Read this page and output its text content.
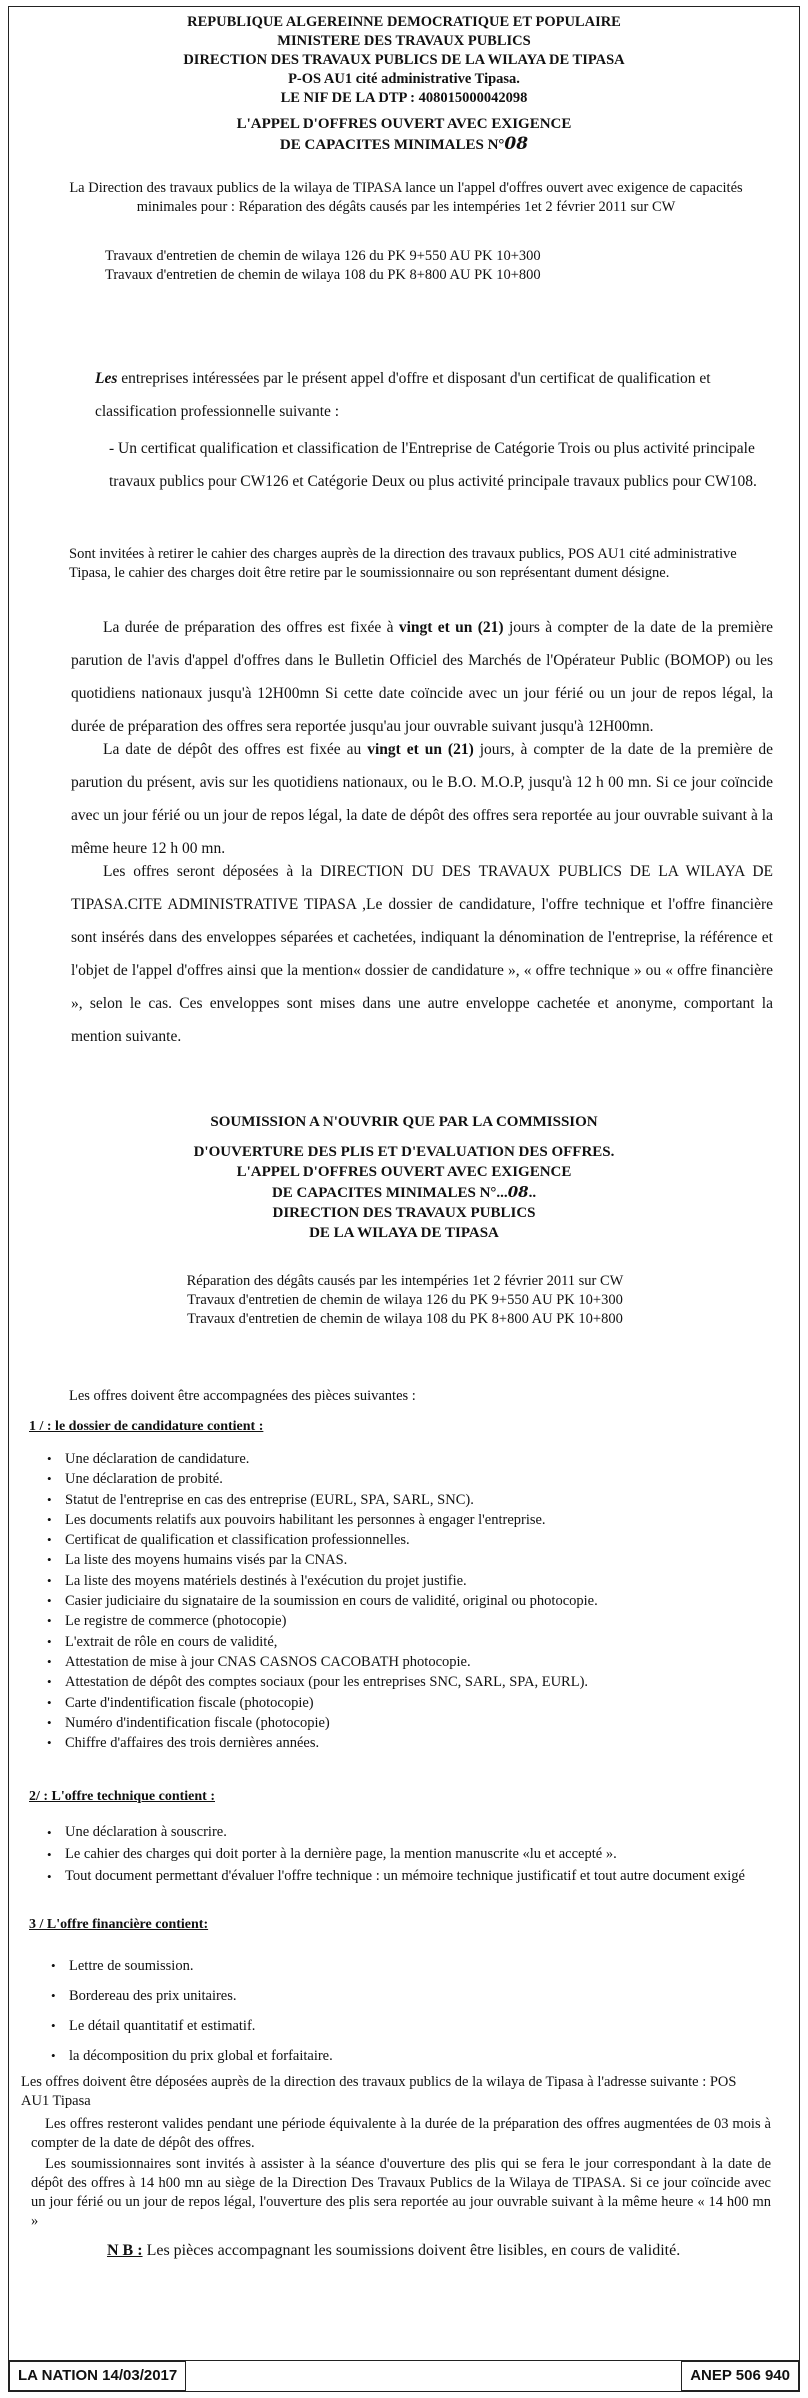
REPUBLIQUE ALGEREINNE DEMOCRATIQUE ET POPULAIRE
MINISTERE DES TRAVAUX PUBLICS
DIRECTION DES TRAVAUX PUBLICS DE LA WILAYA DE TIPASA
P-OS AU1 cité administrative Tipasa.
LE NIF DE LA DTP : 408015000042098
L'APPEL D'OFFRES OUVERT AVEC EXIGENCE
DE CAPACITES MINIMALES N°08

La Direction des travaux publics de la wilaya de TIPASA lance un l'appel d'offres ouvert avec exigence de capacités minimales pour : Réparation des dégâts causés par les intempéries 1et 2 février 2011 sur CW

Travaux d'entretien de chemin de wilaya 126 du PK 9+550 AU PK 10+300
Travaux d'entretien de chemin de wilaya 108 du PK 8+800 AU PK 10+800

Les entreprises intéressées par le présent appel d'offre et disposant d'un certificat de qualification et classification professionnelle suivante :

- Un certificat qualification et classification de l'Entreprise de Catégorie Trois ou plus activité principale travaux publics pour CW126 et Catégorie Deux ou plus activité principale travaux publics pour CW108.

Sont invitées à retirer le cahier des charges auprès de la direction des travaux publics, POS AU1 cité administrative Tipasa, le cahier des charges doit être retire par le soumissionnaire ou son représentant dument désigne.

La durée de préparation des offres est fixée à vingt et un (21) jours à compter de la date de la première parution de l'avis d'appel d'offres dans le Bulletin Officiel des Marchés de l'Opérateur Public (BOMOP) ou les quotidiens nationaux jusqu'à 12H00mn Si cette date coïncide avec un jour férié ou un jour de repos légal, la durée de préparation des offres sera reportée jusqu'au jour ouvrable suivant jusqu'à 12H00mn.

La date de dépôt des offres est fixée au vingt et un (21) jours, à compter de la date de la première de parution du présent, avis sur les quotidiens nationaux, ou le B.O. M.O.P, jusqu'à 12 h 00 mn. Si ce jour coïncide avec un jour férié ou un jour de repos légal, la date de dépôt des offres sera reportée au jour ouvrable suivant à la même heure 12 h 00 mn.

Les offres seront déposées à la DIRECTION DU DES TRAVAUX PUBLICS DE LA WILAYA DE TIPASA.CITE ADMINISTRATIVE TIPASA ,Le dossier de candidature, l'offre technique et l'offre financière sont insérés dans des enveloppes séparées et cachetées, indiquant la dénomination de l'entreprise, la référence et l'objet de l'appel d'offres ainsi que la mention« dossier de candidature », « offre technique » ou « offre financière », selon le cas. Ces enveloppes sont mises dans une autre enveloppe cachetée et anonyme, comportant la mention suivante.

SOUMISSION A N'OUVRIR QUE PAR LA COMMISSION
D'OUVERTURE DES PLIS ET D'EVALUATION DES OFFRES.
L'APPEL D'OFFRES OUVERT AVEC EXIGENCE
DE CAPACITES MINIMALES N°...08..
DIRECTION DES TRAVAUX PUBLICS
DE LA WILAYA DE TIPASA

Réparation des dégâts causés par les intempéries 1et 2 février 2011 sur CW
Travaux d'entretien de chemin de wilaya 126 du PK 9+550 AU PK 10+300
Travaux d'entretien de chemin de wilaya 108 du PK 8+800 AU PK 10+800

Les offres doivent être accompagnées des pièces suivantes :

1 / : le dossier de candidature contient :

• Une déclaration de candidature.
• Une déclaration de probité.
• Statut de l'entreprise en cas des entreprise (EURL, SPA, SARL, SNC).
• Les documents relatifs aux pouvoirs habilitant les personnes à engager l'entreprise.
• Certificat de qualification et classification professionnelles.
• La liste des moyens humains visés par la CNAS.
• La liste des moyens matériels destinés à l'exécution du projet justifie.
• Casier judiciaire du signataire de la soumission en cours de validité, original ou photocopie.
• Le registre de commerce (photocopie)
• L'extrait de rôle en cours de validité,
• Attestation de mise à jour CNAS CASNOS CACOBATH photocopie.
• Attestation de dépôt des comptes sociaux (pour les entreprises SNC, SARL, SPA, EURL).
• Carte d'indentification fiscale (photocopie)
• Numéro d'indentification fiscale (photocopie)
• Chiffre d'affaires des trois dernières années.

2/ : L'offre technique contient :

• Une déclaration à souscrire.
• Le cahier des charges qui doit porter à la dernière page, la mention manuscrite «lu et accepté ».
• Tout document permettant d'évaluer l'offre technique : un mémoire technique justificatif et tout autre document exigé

3 / L'offre financière contient:

• Lettre de soumission.
• Bordereau des prix unitaires.
• Le détail quantitatif et estimatif.
• la décomposition du prix global et forfaitaire.

Les offres doivent être déposées auprès de la direction des travaux publics de la wilaya de Tipasa à l'adresse suivante : POS AU1 Tipasa

Les offres resteront valides pendant une période équivalente à la durée de la préparation des offres augmentées de 03 mois à compter de la date de dépôt des offres.

Les soumissionnaires sont invités à assister à la séance d'ouverture des plis qui se fera le jour correspondant à la date de dépôt des offres à 14 h00 mn au siège de la Direction Des Travaux Publics de la Wilaya de TIPASA. Si ce jour coïncide avec un jour férié ou un jour de repos légal, l'ouverture des plis sera reportée au jour ouvrable suivant à la même heure « 14 h00 mn »

N B : Les pièces accompagnant les soumissions doivent être lisibles, en cours de validité.

LA NATION 14/03/2017	ANEP 506 940
